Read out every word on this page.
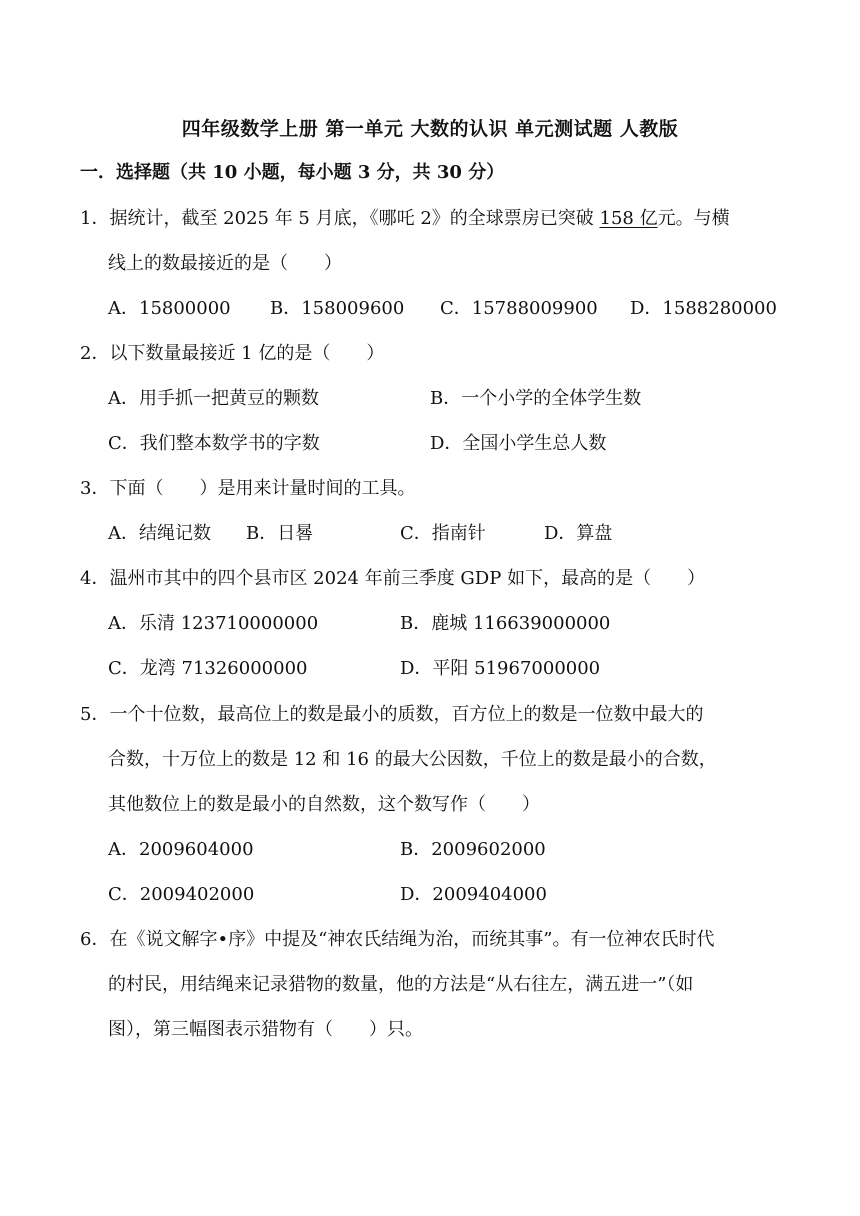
四年级数学上册 第一单元 大数的认识 单元测试题 人教版
一．选择题（共 10 小题，每小题 3 分，共 30 分）
1．据统计，截至 2025 年 5 月底，《哪吒 2》的全球票房已突破 158 亿元。与横
线上的数最接近的是（　　）
A．15800000 B．158009600 C．15788009900 D．1588280000
2．以下数量最接近 1 亿的是（　　）
A．用手抓一把黄豆的颗数	B．一个小学的全体学生数
C．我们整本数学书的字数	D．全国小学生总人数
3．下面（　　）是用来计量时间的工具。
A．结绳记数 B．日晷	C．指南针	D．算盘
4．温州市其中的四个县市区 2024 年前三季度 GDP 如下，最高的是（　　）
A．乐清 123710000000	B．鹿城 116639000000
C．龙湾 71326000000	D．平阳 51967000000
5．一个十位数，最高位上的数是最小的质数，百方位上的数是一位数中最大的
合数，十万位上的数是 12 和 16 的最大公因数，千位上的数是最小的合数，
其他数位上的数是最小的自然数，这个数写作（　　）
A．2009604000	B．2009602000
C．2009402000	D．2009404000
6．在《说文解字•序》中提及“神农氏结绳为治，而统其事”。有一位神农氏时代
的村民，用结绳来记录猎物的数量，他的方法是“从右往左，满五进一”（如
图），第三幅图表示猎物有（　　）只。
